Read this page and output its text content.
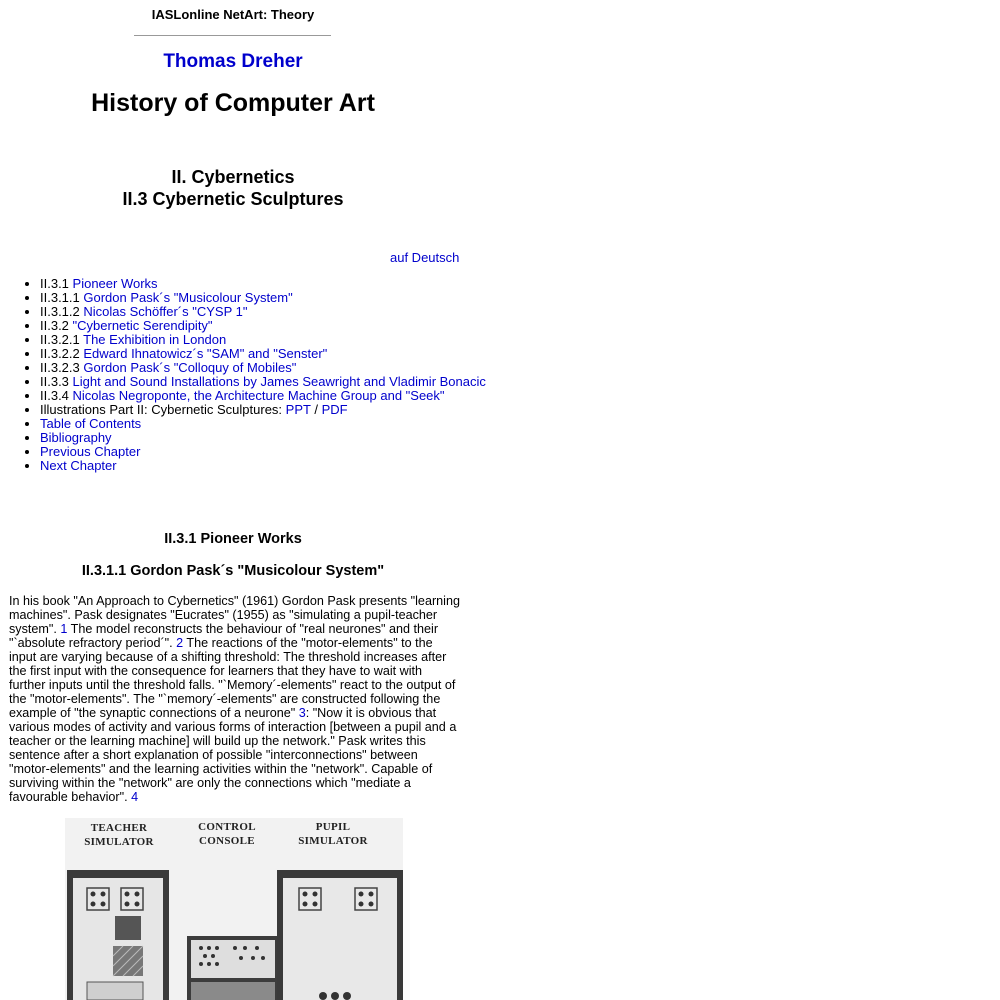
IASLonline NetArt: Theory
Thomas Dreher
History of Computer Art
II. Cybernetics
II.3 Cybernetic Sculptures
auf Deutsch
• II.3.1 Pioneer Works
• II.3.1.1 Gordon Pask´s "Musicolour System"
• II.3.1.2 Nicolas Schöffer´s "CYSP 1"
• II.3.2 "Cybernetic Serendipity"
• II.3.2.1 The Exhibition in London
• II.3.2.2 Edward Ihnatowicz´s "SAM" and "Senster"
• II.3.2.3 Gordon Pask´s "Colloquy of Mobiles"
• II.3.3 Light and Sound Installations by James Seawright and Vladimir Bonacic
• II.3.4 Nicolas Negroponte, the Architecture Machine Group and "Seek"
• Illustrations Part II: Cybernetic Sculptures: PPT / PDF
• Table of Contents
• Bibliography
• Previous Chapter
• Next Chapter
II.3.1 Pioneer Works
II.3.1.1 Gordon Pask´s "Musicolour System"

In his book "An Approach to Cybernetics" (1961) Gordon Pask presents "learning machines". Pask designates "Eucrates" (1955) as "simulating a pupil-teacher system". 1 The model reconstructs the behaviour of "real neurones" and their "`absolute refractory period´". 2 The reactions of the "motor-elements" to the input are varying because of a shifting threshold: The threshold increases after the first input with the consequence for learners that they have to wait with further inputs until the threshold falls. "`Memory´-elements" react to the output of the "motor-elements". The "`memory´-elements" are constructed following the example of "the synaptic connections of a neurone" 3: "Now it is obvious that various modes of activity and various forms of interaction [between a pupil and a teacher or the learning machine] will build up the network." Pask writes this sentence after a short explanation of possible "interconnections" between "motor-elements" and the learning activities within the "network". Capable of surviving within the "network" are only the connections which "mediate a favourable behavior". 4

TEACHER
SIMULATOR
CONTROL
CONSOLE
PUPIL
SIMULATOR
